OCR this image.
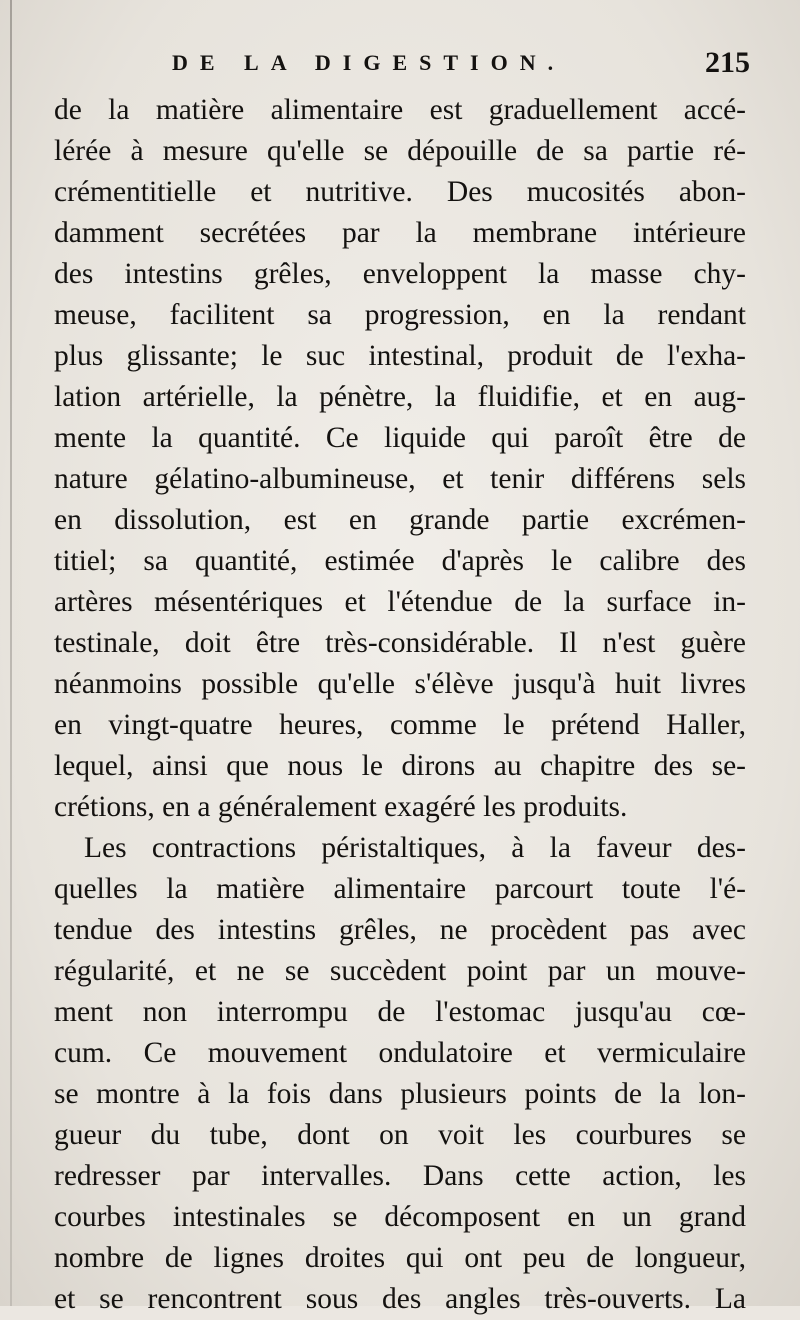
DE LA DIGESTION.	215
de la matière alimentaire est graduellement accé-
lérée à mesure qu'elle se dépouille de sa partie ré-
crémentitielle et nutritive. Des mucosités abon-
damment secrétées par la membrane intérieure
des intestins grêles, enveloppent la masse chy-
meuse, facilitent sa progression, en la rendant
plus glissante; le suc intestinal, produit de l'exha-
lation artérielle, la pénètre, la fluidifie, et en aug-
mente la quantité. Ce liquide qui paroît être de
nature gélatino-albumineuse, et tenir différens sels
en dissolution, est en grande partie excrémen-
titiel; sa quantité, estimée d'après le calibre des
artères mésentériques et l'étendue de la surface in-
testinale, doit être très-considérable. Il n'est guère
néanmoins possible qu'elle s'élève jusqu'à huit livres
en vingt-quatre heures, comme le prétend Haller,
lequel, ainsi que nous le dirons au chapitre des se-
crétions, en a généralement exagéré les produits.
Les contractions péristaltiques, à la faveur des-
quelles la matière alimentaire parcourt toute l'é-
tendue des intestins grêles, ne procèdent pas avec
régularité, et ne se succèdent point par un mouve-
ment non interrompu de l'estomac jusqu'au cœ-
cum. Ce mouvement ondulatoire et vermiculaire
se montre à la fois dans plusieurs points de la lon-
gueur du tube, dont on voit les courbures se
redresser par intervalles. Dans cette action, les
courbes intestinales se décomposent en un grand
nombre de lignes droites qui ont peu de longueur,
et se rencontrent sous des angles très-ouverts. La
